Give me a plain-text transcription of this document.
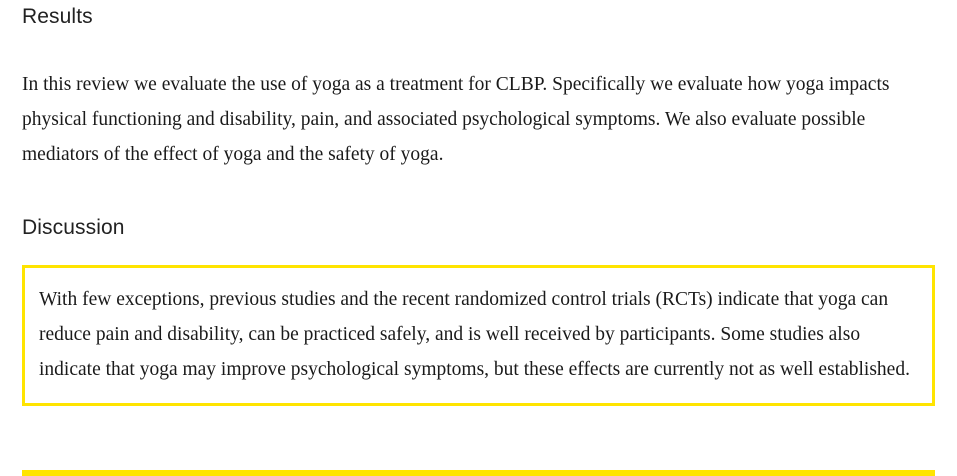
Results

In this review we evaluate the use of yoga as a treatment for CLBP. Specifically we evaluate how yoga impacts physical functioning and disability, pain, and associated psychological symptoms. We also evaluate possible mediators of the effect of yoga and the safety of yoga.

Discussion

With few exceptions, previous studies and the recent randomized control trials (RCTs) indicate that yoga can reduce pain and disability, can be practiced safely, and is well received by participants. Some studies also indicate that yoga may improve psychological symptoms, but these effects are currently not as well established.
